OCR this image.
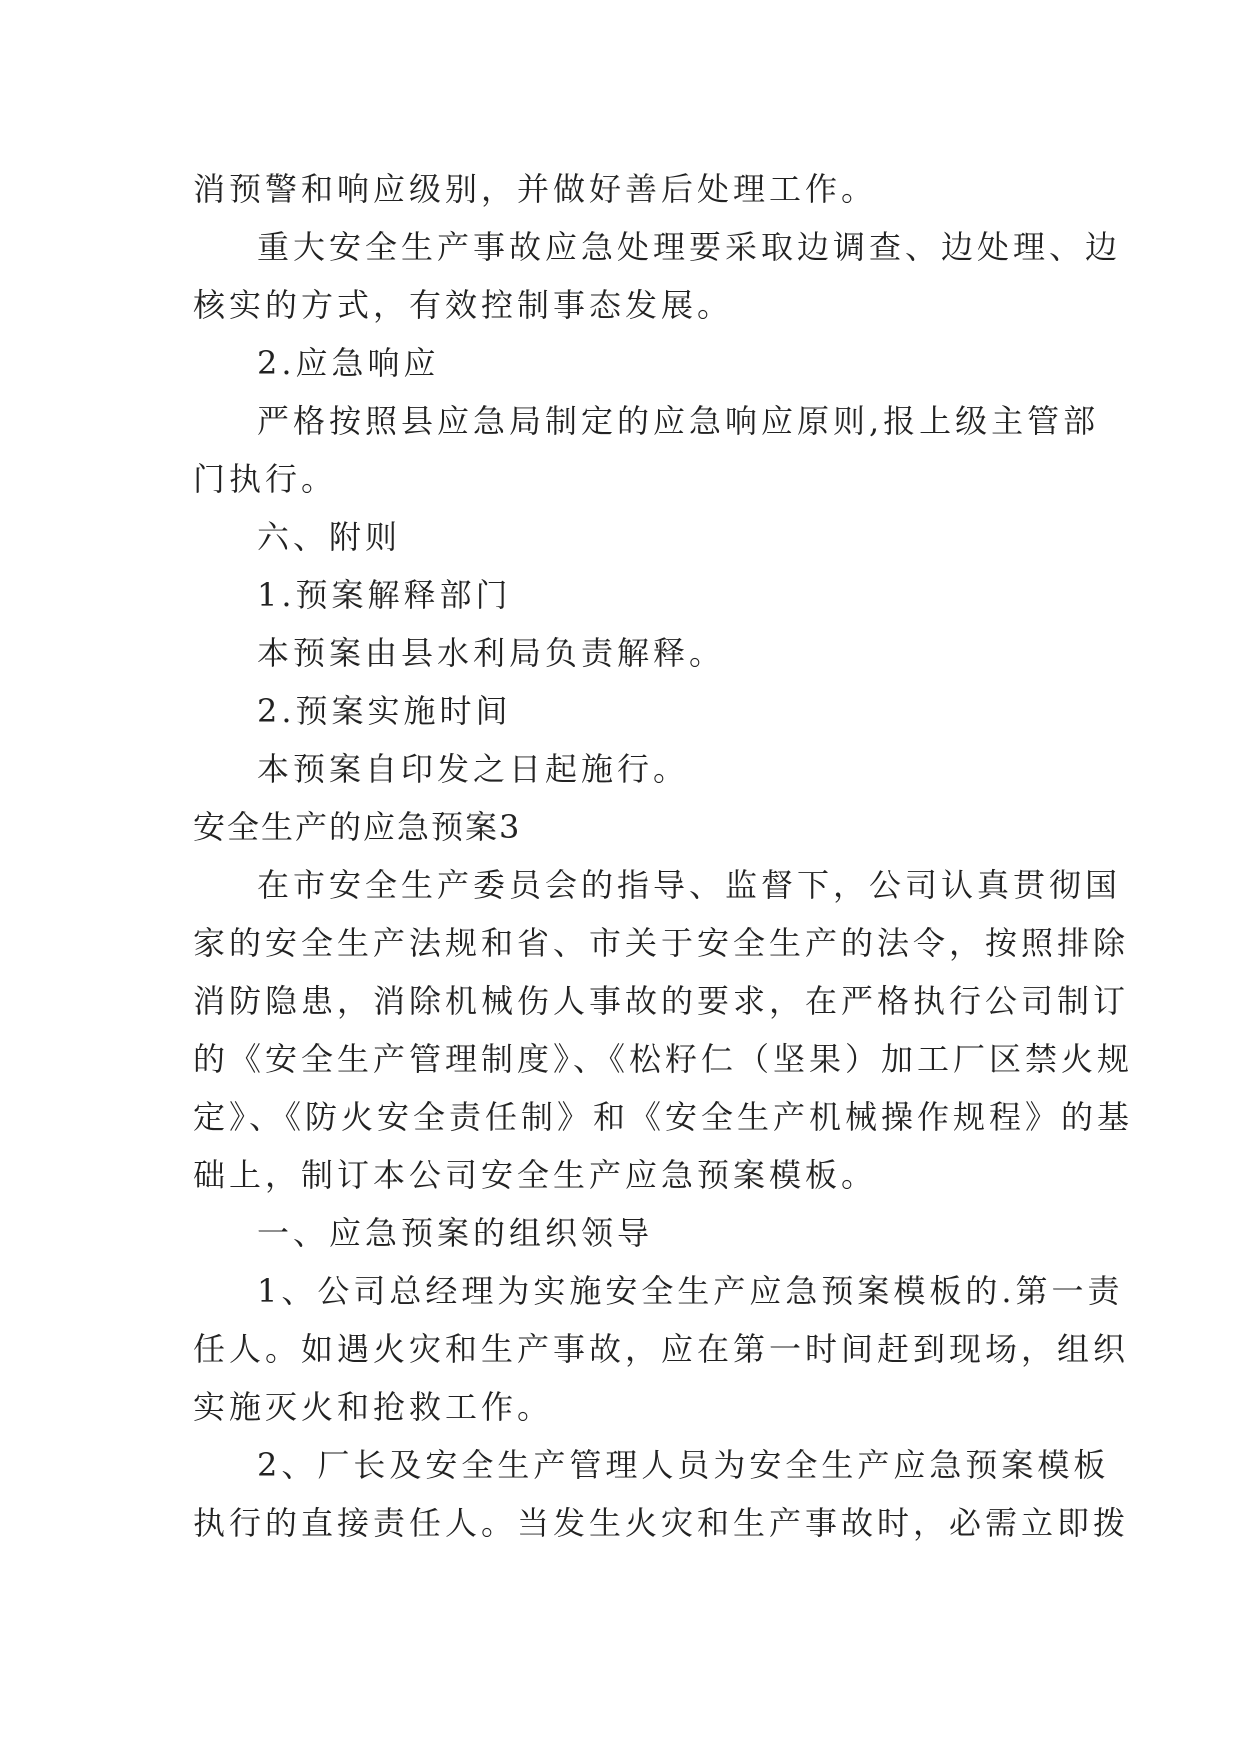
消预警和响应级别，并做好善后处理工作。
重大安全生产事故应急处理要采取边调查、边处理、边
核实的方式，有效控制事态发展。
2.应急响应
严格按照县应急局制定的应急响应原则,报上级主管部
门执行。
六、附则
1.预案解释部门
本预案由县水利局负责解释。
2.预案实施时间
本预案自印发之日起施行。
安全生产的应急预案3
在市安全生产委员会的指导、监督下，公司认真贯彻国
家的安全生产法规和省、市关于安全生产的法令，按照排除
消防隐患，消除机械伤人事故的要求，在严格执行公司制订
的《安全生产管理制度》、《松籽仁（坚果）加工厂区禁火规
定》、《防火安全责任制》和《安全生产机械操作规程》的基
础上，制订本公司安全生产应急预案模板。
一、应急预案的组织领导
1、公司总经理为实施安全生产应急预案模板的.第一责
任人。如遇火灾和生产事故，应在第一时间赶到现场，组织
实施灭火和抢救工作。
2、厂长及安全生产管理人员为安全生产应急预案模板
执行的直接责任人。当发生火灾和生产事故时，必需立即拨
